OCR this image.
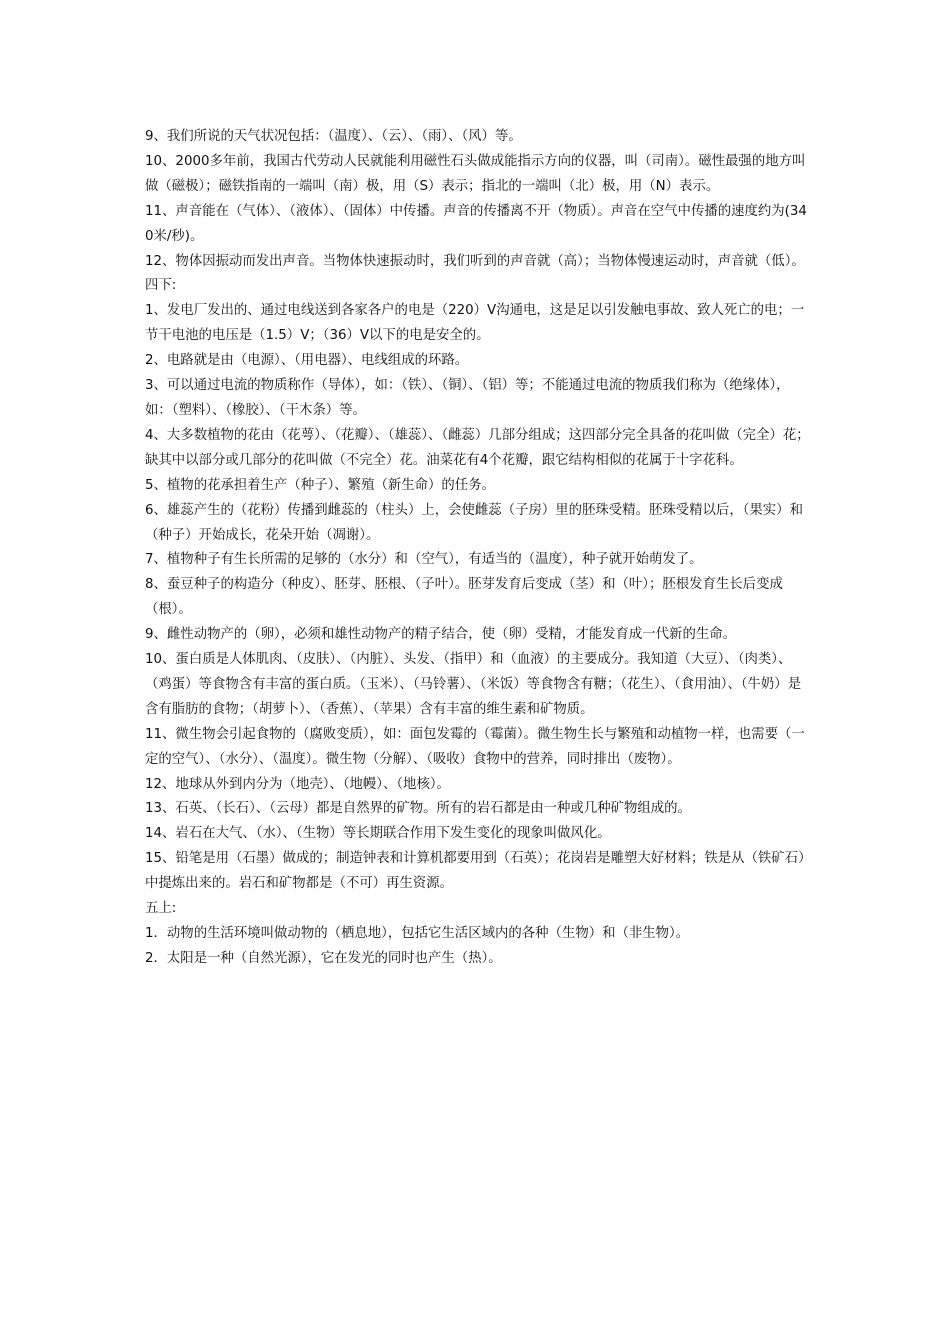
9、我们所说的天气状况包括：（温度）、（云）、（雨）、（风）等。

10、2000多年前，我国古代劳动人民就能利用磁性石头做成能指示方向的仪器，叫（司南）。磁性最强的地方叫做（磁极）；磁铁指南的一端叫（南）极，用（S）表示；指北的一端叫（北）极，用（N）表示。

11、声音能在（气体）、（液体）、（固体）中传播。声音的传播离不开（物质）。声音在空气中传播的速度约为(340米/秒)。

12、物体因振动而发出声音。当物体快速振动时，我们听到的声音就（高）；当物体慢速运动时，声音就（低）。

四下:

1、发电厂发出的、通过电线送到各家各户的电是（220）V沟通电，这是足以引发触电事故、致人死亡的电；一节干电池的电压是（1.5）V；（36）V以下的电是安全的。

2、电路就是由（电源）、（用电器）、电线组成的环路。

3、可以通过电流的物质称作（导体），如：（铁）、（铜）、（铝）等；不能通过电流的物质我们称为（绝缘体），如：（塑料）、（橡胶）、（干木条）等。

4、大多数植物的花由（花萼）、（花瓣）、（雄蕊）、（雌蕊）几部分组成；这四部分完全具备的花叫做（完全）花；缺其中以部分或几部分的花叫做（不完全）花。油菜花有4个花瓣，跟它结构相似的花属于十字花科。

5、植物的花承担着生产（种子）、繁殖（新生命）的任务。

6、雄蕊产生的（花粉）传播到雌蕊的（柱头）上，会使雌蕊（子房）里的胚珠受精。胚珠受精以后，（果实）和（种子）开始成长，花朵开始（凋谢）。

7、植物种子有生长所需的足够的（水分）和（空气），有适当的（温度），种子就开始萌发了。

8、蚕豆种子的构造分（种皮）、胚芽、胚根、（子叶）。胚芽发育后变成（茎）和（叶）；胚根发育生长后变成（根）。

9、雌性动物产的（卵），必须和雄性动物产的精子结合，使（卵）受精，才能发育成一代新的生命。

10、蛋白质是人体肌肉、（皮肤）、（内脏）、头发、（指甲）和（血液）的主要成分。我知道（大豆）、（肉类）、（鸡蛋）等食物含有丰富的蛋白质。（玉米）、（马铃薯）、（米饭）等食物含有糖；（花生）、（食用油）、（牛奶）是含有脂肪的食物；（胡萝卜）、（香蕉）、（苹果）含有丰富的维生素和矿物质。

11、微生物会引起食物的（腐败变质），如：面包发霉的（霉菌）。微生物生长与繁殖和动植物一样，也需要（一定的空气）、（水分）、（温度）。微生物（分解）、（吸收）食物中的营养，同时排出（废物）。

12、地球从外到内分为（地壳）、（地幔）、（地核）。

13、石英、（长石）、（云母）都是自然界的矿物。所有的岩石都是由一种或几种矿物组成的。

14、岩石在大气、（水）、（生物）等长期联合作用下发生变化的现象叫做风化。

15、铅笔是用（石墨）做成的；制造钟表和计算机都要用到（石英）；花岗岩是雕塑大好材料；铁是从（铁矿石）中提炼出来的。岩石和矿物都是（不可）再生资源。

五上:

1．动物的生活环境叫做动物的（栖息地），包括它生活区域内的各种（生物）和（非生物）。

2．太阳是一种（自然光源），它在发光的同时也产生（热）。
